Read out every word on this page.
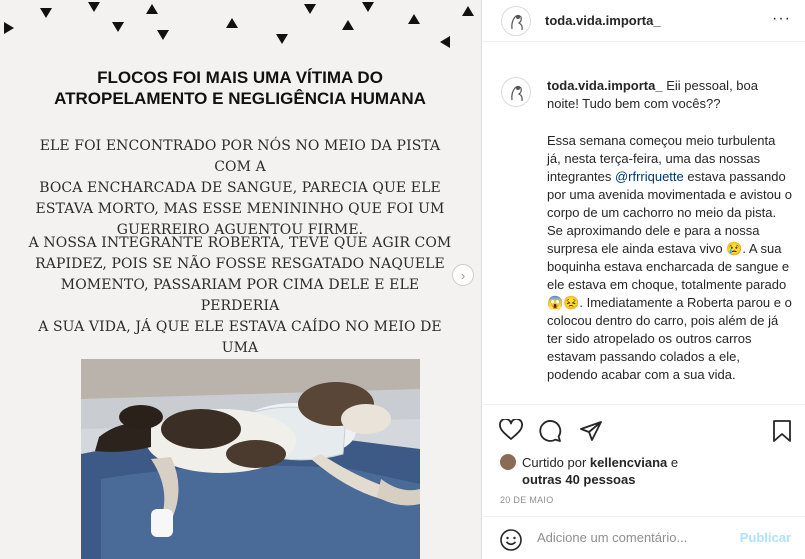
FLOCOS FOI MAIS UMA VÍTIMA DO
ATROPELAMENTO E NEGLIGÊNCIA HUMANA
ELE FOI ENCONTRADO POR NÓS NO MEIO DA PISTA COM A
BOCA ENCHARCADA DE SANGUE, PARECIA QUE ELE
ESTAVA MORTO, MAS ESSE MENININHO QUE FOI UM
GUERREIRO AGUENTOU FIRME.
A NOSSA INTEGRANTE ROBERTA, TEVE QUE AGIR COM
RAPIDEZ, POIS SE NÃO FOSSE RESGATADO NAQUELE
MOMENTO, PASSARIAM POR CIMA DELE E ELE PERDERIA
A SUA VIDA, JÁ QUE ELE ESTAVA CAÍDO NO MEIO DE UMA
›
toda.vida.importa_	···
toda.vida.importa_ Eii pessoal, boa noite! Tudo bem com vocês??
Essa semana começou meio turbulenta já, nesta terça-feira, uma das nossas integrantes @rfrriquette estava passando por uma avenida movimentada e avistou o corpo de um cachorro no meio da pista. Se aproximando dele e para a nossa surpresa ele ainda estava vivo 😢. A sua boquinha estava encharcada de sangue e ele estava em choque, totalmente parado 😱😣. Imediatamente a Roberta parou e o colocou dentro do carro, pois além de já ter sido atropelado os outros carros estavam passando colados a ele, podendo acabar com a sua vida.
Curtido por kellencviana e
outras 40 pessoas
20 DE MAIO
Adicione um comentário...
Publicar
